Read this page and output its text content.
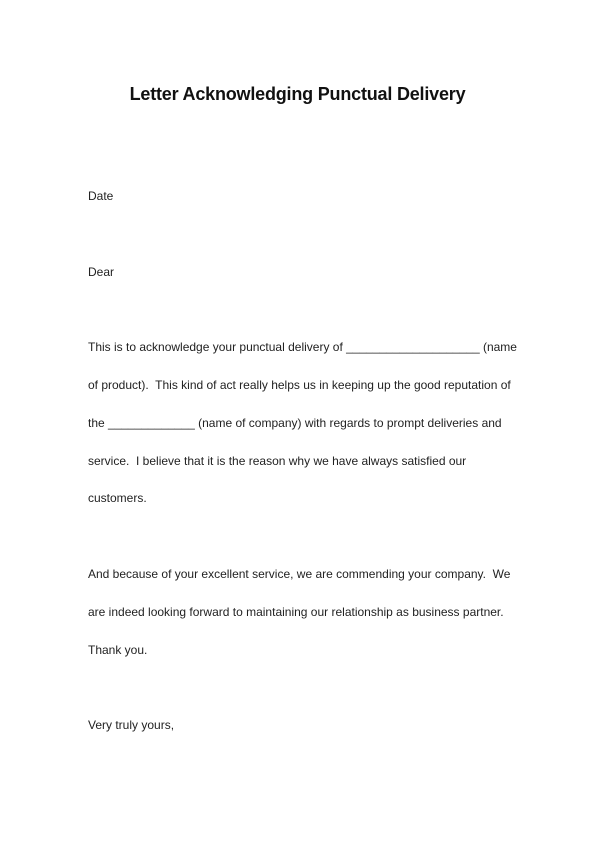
Letter Acknowledging Punctual Delivery
Date
Dear
This is to acknowledge your punctual delivery of ____________________ (name
of product).  This kind of act really helps us in keeping up the good reputation of
the _____________ (name of company) with regards to prompt deliveries and
service.  I believe that it is the reason why we have always satisfied our
customers.
And because of your excellent service, we are commending your company.  We
are indeed looking forward to maintaining our relationship as business partner.
Thank you.
Very truly yours,
